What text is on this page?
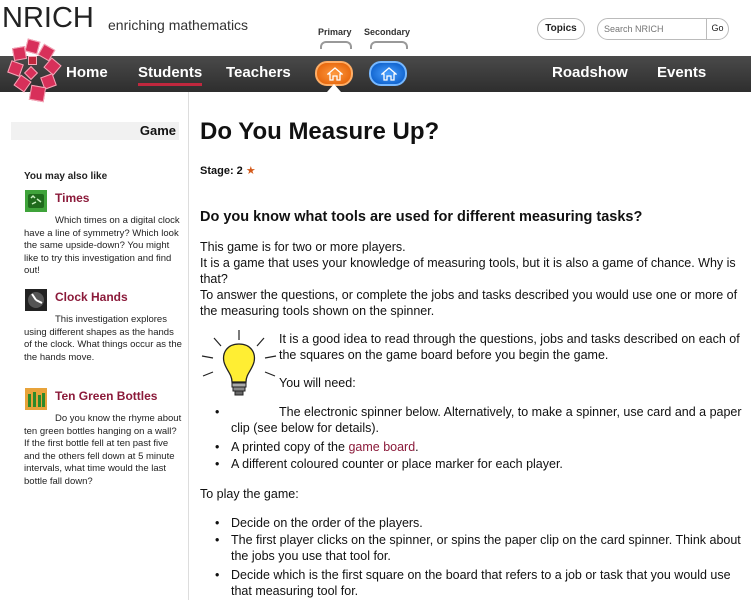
NRICH enriching mathematics	Primary Secondary	Topics
Search NRICH	Go
Home Students Teachers	Roadshow Events
Game
You may also like
Times
Which times on a digital clock have a line of symmetry? Which look the same upside-down? You might like to try this investigation and find out!
Clock Hands
This investigation explores using different shapes as the hands of the clock. What things occur as the the hands move.
Ten Green Bottles
Do you know the rhyme about ten green bottles hanging on a wall? If the first bottle fell at ten past five and the others fell down at 5 minute intervals, what time would the last bottle fall down?
Do You Measure Up?
Stage: 2 ★
Do you know what tools are used for different measuring tasks?
This game is for two or more players.
It is a game that uses your knowledge of measuring tools, but it is also a game of chance. Why is that?
To answer the questions, or complete the jobs and tasks described you would use one or more of the measuring tools shown on the spinner.
It is a good idea to read through the questions, jobs and tasks described on each of the squares on the game board before you begin the game.
You will need:
•	The electronic spinner below. Alternatively, to make a spinner, use card and a paper clip (see below for details).
• A printed copy of the game board.
• A different coloured counter or place marker for each player.
To play the game:
• Decide on the order of the players.
• The first player clicks on the spinner, or spins the paper clip on the card spinner. Think about the jobs you use that tool for.
• Decide which is the first square on the board that refers to a job or task that you would use that measuring tool for.
